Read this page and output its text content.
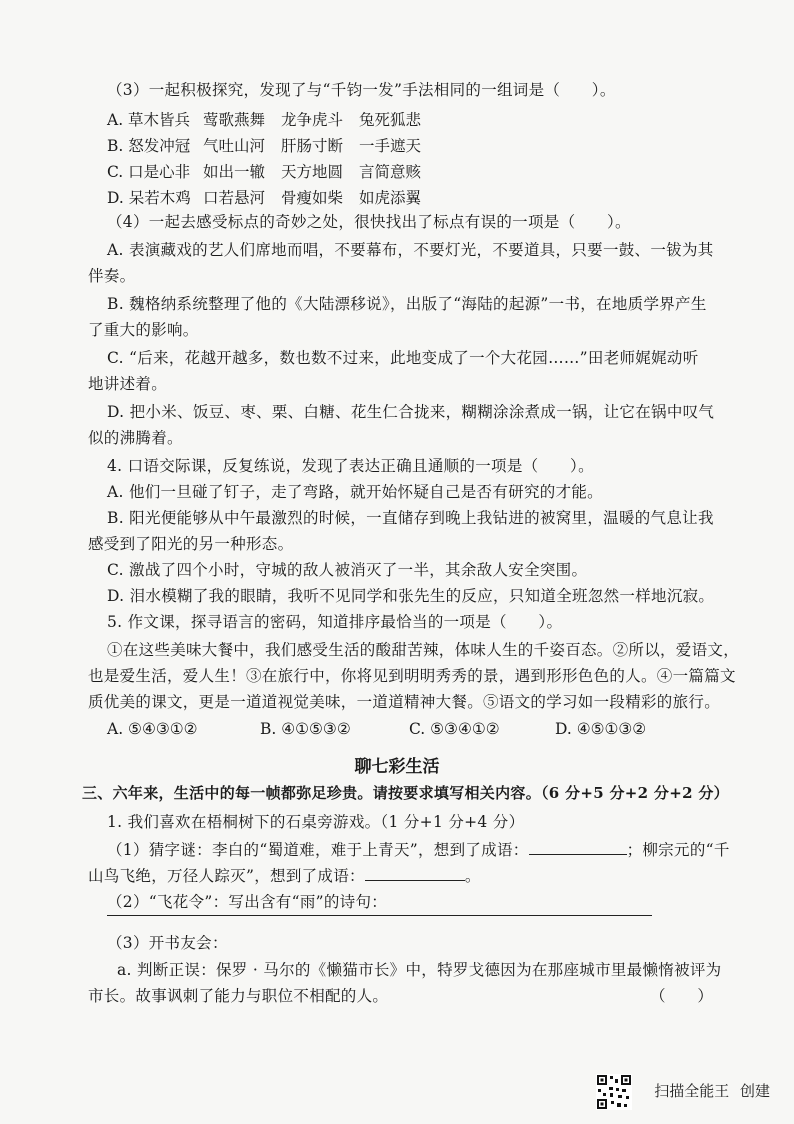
（3）一起积极探究，发现了与“千钧一发”手法相同的一组词是（　　）。
A. 草木皆兵 莺歌燕舞 龙争虎斗 兔死狐悲
B. 怒发冲冠 气吐山河 肝肠寸断 一手遮天
C. 口是心非 如出一辙 天方地圆 言简意赅
D. 呆若木鸡 口若悬河 骨瘦如柴 如虎添翼
（4）一起去感受标点的奇妙之处，很快找出了标点有误的一项是（　　）。
A. 表演藏戏的艺人们席地而唱，不要幕布，不要灯光，不要道具，只要一鼓、一钹为其
伴奏。
B. 魏格纳系统整理了他的《大陆漂移说》，出版了“海陆的起源”一书，在地质学界产生
了重大的影响。
C. “后来，花越开越多，数也数不过来，此地变成了一个大花园……”田老师娓娓动听
地讲述着。
D. 把小米、饭豆、枣、栗、白糖、花生仁合拢来，糊糊涂涂煮成一锅，让它在锅中叹气
似的沸腾着。
4. 口语交际课，反复练说，发现了表达正确且通顺的一项是（　　）。
A. 他们一旦碰了钉子，走了弯路，就开始怀疑自己是否有研究的才能。
B. 阳光便能够从中午最激烈的时候，一直储存到晚上我钻进的被窝里，温暖的气息让我
感受到了阳光的另一种形态。
C. 激战了四个小时，守城的敌人被消灭了一半，其余敌人安全突围。
D. 泪水模糊了我的眼睛，我听不见同学和张先生的反应，只知道全班忽然一样地沉寂。
5. 作文课，探寻语言的密码，知道排序最恰当的一项是（　　）。
①在这些美味大餐中，我们感受生活的酸甜苦辣，体味人生的千姿百态。②所以，爱语文，
也是爱生活，爱人生！③在旅行中，你将见到明明秀秀的景，遇到形形色色的人。④一篇篇文
质优美的课文，更是一道道视觉美味，一道道精神大餐。⑤语文的学习如一段精彩的旅行。
A. ⑤④③①②	B. ④①⑤③②	C. ⑤③④①②	D. ④⑤①③②
聊七彩生活
三、六年来，生活中的每一帧都弥足珍贵。请按要求填写相关内容。（6 分+5 分+2 分+2 分）
1. 我们喜欢在梧桐树下的石桌旁游戏。（1 分+1 分+4 分）
（1）猜字谜：李白的“蜀道难，难于上青天”，想到了成语：	；柳宗元的“千
山鸟飞绝，万径人踪灭”，想到了成语：	。
（2）“飞花令”：写出含有“雨”的诗句：
（3）开书友会：
a. 判断正误：保罗 · 马尔的《懒猫市长》中，特罗戈德因为在那座城市里最懒惰被评为
市长。故事讽刺了能力与职位不相配的人。	（　　）
扫描全能王 创建
